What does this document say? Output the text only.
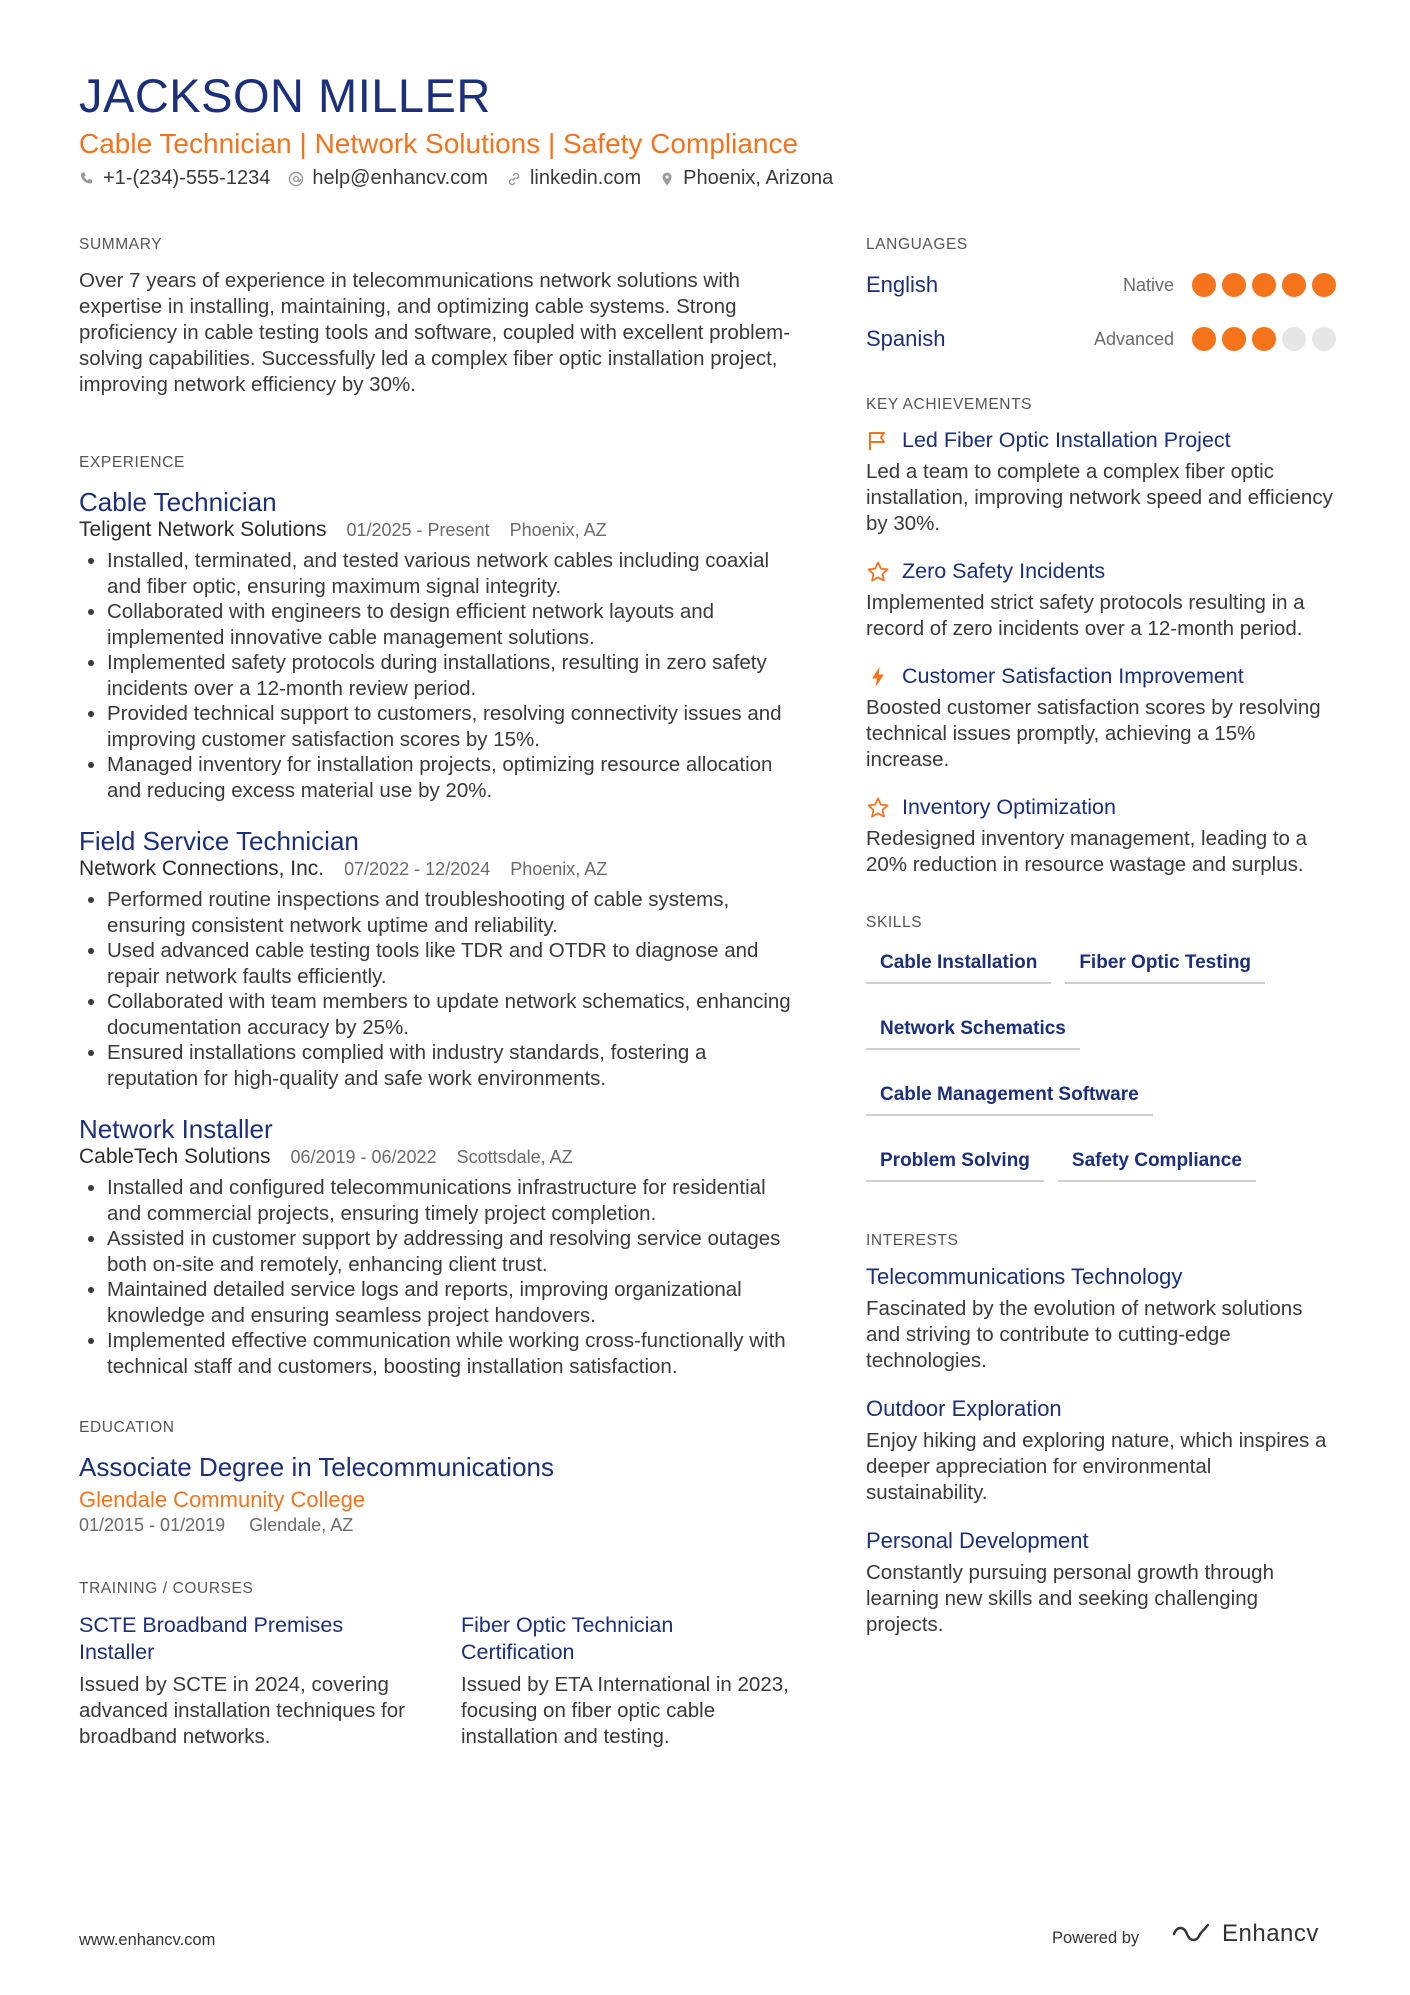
JACKSON MILLER
Cable Technician | Network Solutions | Safety Compliance
+1-(234)-555-1234 help@enhancv.com linkedin.com Phoenix, Arizona
SUMMARY
Over 7 years of experience in telecommunications network solutions with expertise in installing, maintaining, and optimizing cable systems. Strong proficiency in cable testing tools and software, coupled with excellent problem-solving capabilities. Successfully led a complex fiber optic installation project, improving network efficiency by 30%.
EXPERIENCE
Cable Technician
Teligent Network Solutions 01/2025 - Present Phoenix, AZ
• Installed, terminated, and tested various network cables including coaxial and fiber optic, ensuring maximum signal integrity.
• Collaborated with engineers to design efficient network layouts and implemented innovative cable management solutions.
• Implemented safety protocols during installations, resulting in zero safety incidents over a 12-month review period.
• Provided technical support to customers, resolving connectivity issues and improving customer satisfaction scores by 15%.
• Managed inventory for installation projects, optimizing resource allocation and reducing excess material use by 20%.
Field Service Technician
Network Connections, Inc. 07/2022 - 12/2024 Phoenix, AZ
• Performed routine inspections and troubleshooting of cable systems, ensuring consistent network uptime and reliability.
• Used advanced cable testing tools like TDR and OTDR to diagnose and repair network faults efficiently.
• Collaborated with team members to update network schematics, enhancing documentation accuracy by 25%.
• Ensured installations complied with industry standards, fostering a reputation for high-quality and safe work environments.
Network Installer
CableTech Solutions 06/2019 - 06/2022 Scottsdale, AZ
• Installed and configured telecommunications infrastructure for residential and commercial projects, ensuring timely project completion.
• Assisted in customer support by addressing and resolving service outages both on-site and remotely, enhancing client trust.
• Maintained detailed service logs and reports, improving organizational knowledge and ensuring seamless project handovers.
• Implemented effective communication while working cross-functionally with technical staff and customers, boosting installation satisfaction.
EDUCATION
Associate Degree in Telecommunications
Glendale Community College
01/2015 - 01/2019 Glendale, AZ
TRAINING / COURSES
SCTE Broadband Premises Installer
Issued by SCTE in 2024, covering advanced installation techniques for broadband networks.
Fiber Optic Technician Certification
Issued by ETA International in 2023, focusing on fiber optic cable installation and testing.
LANGUAGES
English	Native
Spanish	Advanced
KEY ACHIEVEMENTS
Led Fiber Optic Installation Project
Led a team to complete a complex fiber optic installation, improving network speed and efficiency by 30%.
Zero Safety Incidents
Implemented strict safety protocols resulting in a record of zero incidents over a 12-month period.
Customer Satisfaction Improvement
Boosted customer satisfaction scores by resolving technical issues promptly, achieving a 15% increase.
Inventory Optimization
Redesigned inventory management, leading to a 20% reduction in resource wastage and surplus.
SKILLS
Cable Installation	Fiber Optic Testing
Network Schematics
Cable Management Software
Problem Solving	Safety Compliance
INTERESTS
Telecommunications Technology
Fascinated by the evolution of network solutions and striving to contribute to cutting-edge technologies.
Outdoor Exploration
Enjoy hiking and exploring nature, which inspires a deeper appreciation for environmental sustainability.
Personal Development
Constantly pursuing personal growth through learning new skills and seeking challenging projects.
www.enhancv.com	Powered by	Enhancv
